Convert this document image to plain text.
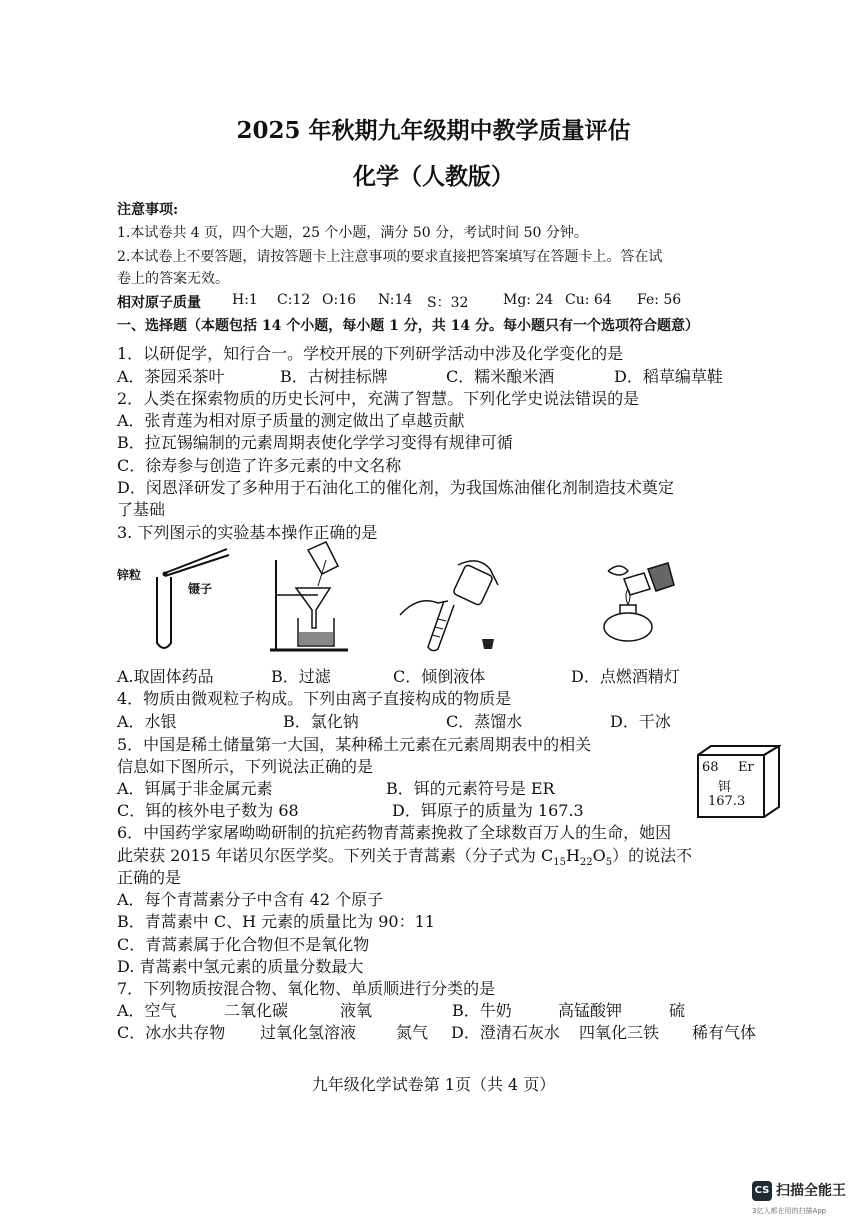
2025 年秋期九年级期中教学质量评估
化学（人教版）
注意事项:
1.本试卷共 4 页，四个大题，25 个小题，满分 50 分，考试时间 50 分钟。
2.本试卷上不要答题，请按答题卡上注意事项的要求直接把答案填写在答题卡上。答在试
卷上的答案无效。
相对原子质量 H:1 C:12 O:16 N:14 S：32 Mg: 24 Cu: 64 Fe: 56
一、选择题（本题包括 14 个小题，每小题 1 分，共 14 分。每小题只有一个选项符合题意）
1．以研促学，知行合一。学校开展的下列研学活动中涉及化学变化的是
A．茶园采茶叶	B．古树挂标牌	C．糯米酿米酒	D．稻草编草鞋
2．人类在探索物质的历史长河中，充满了智慧。下列化学史说法错误的是
A．张青莲为相对原子质量的测定做出了卓越贡献
B．拉瓦锡编制的元素周期表使化学学习变得有规律可循
C．徐寿参与创造了许多元素的中文名称
D．闵恩泽研发了多种用于石油化工的催化剂，为我国炼油催化剂制造技术奠定
了基础
3. 下列图示的实验基本操作正确的是
锌粒
镊子
A.取固体药品	B．过滤	C．倾倒液体	D．点燃酒精灯
4．物质由微观粒子构成。下列由离子直接构成的物质是
A．水银	B．氯化钠	C．蒸馏水	D．干冰
5．中国是稀土储量第一大国，某种稀土元素在元素周期表中的相关
信息如下图所示，下列说法正确的是
A．铒属于非金属元素	B．铒的元素符号是 ER
C．铒的核外电子数为 68	D．铒原子的质量为 167.3
68 Er
铒
167.3
6．中国药学家屠呦呦研制的抗疟药物青蒿素挽救了全球数百万人的生命，她因
此荣获 2015 年诺贝尔医学奖。下列关于青蒿素（分子式为 $C_{15}H_{22}O_5$）的说法不
正确的是
A．每个青蒿素分子中含有 42 个原子
B．青蒿素中 C、H 元素的质量比为 90：11
C．青蒿素属于化合物但不是氧化物
D. 青蒿素中氢元素的质量分数最大
7．下列物质按混合物、氧化物、单质顺进行分类的是
A．空气	二氧化碳	液氧	B．牛奶	高锰酸钾	硫
C．冰水共存物 过氧化氢溶液 氮气 D．澄清石灰水 四氧化三铁 稀有气体
九年级化学试卷第 1页（共 4 页）
CS 扫描全能王
3亿人都在用的扫描App
